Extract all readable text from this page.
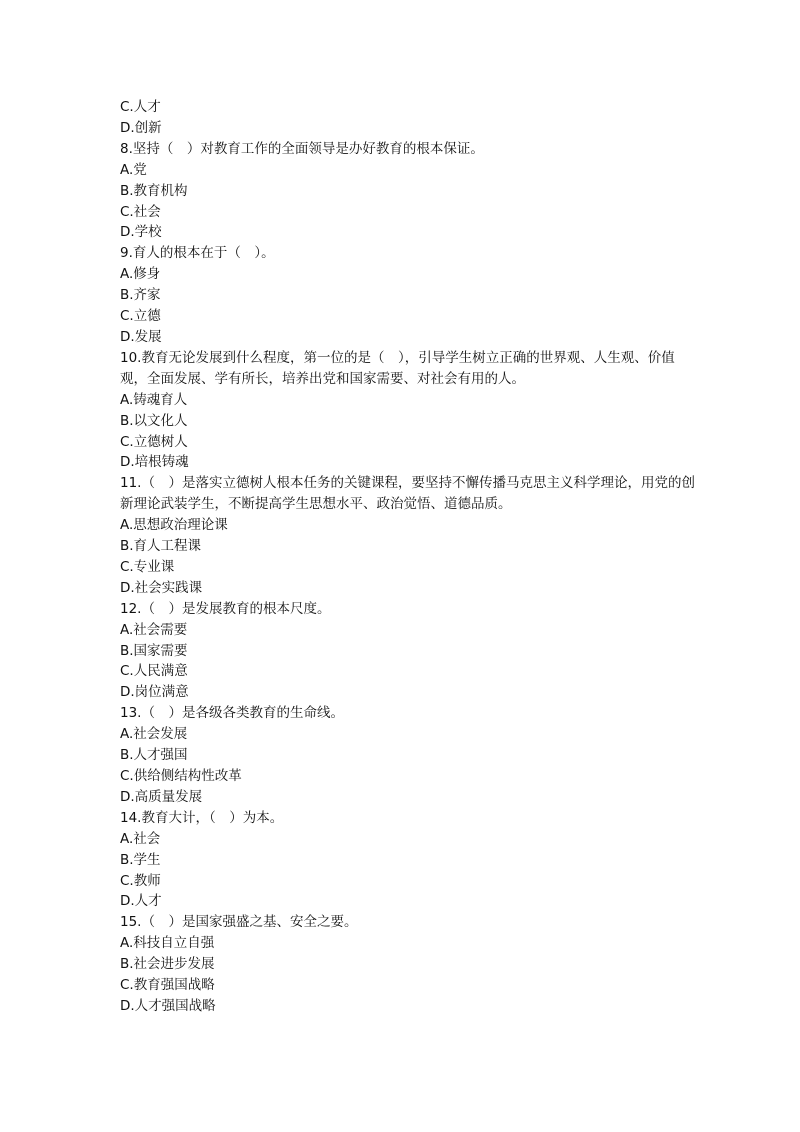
C.人才
D.创新
8.坚持（　）对教育工作的全面领导是办好教育的根本保证。
A.党
B.教育机构
C.社会
D.学校
9.育人的根本在于（　）。
A.修身
B.齐家
C.立德
D.发展
10.教育无论发展到什么程度，第一位的是（　），引导学生树立正确的世界观、人生观、价值观，全面发展、学有所长，培养出党和国家需要、对社会有用的人。
A.铸魂育人
B.以文化人
C.立德树人
D.培根铸魂
11.（　）是落实立德树人根本任务的关键课程，要坚持不懈传播马克思主义科学理论，用党的创新理论武装学生，不断提高学生思想水平、政治觉悟、道德品质。
A.思想政治理论课
B.育人工程课
C.专业课
D.社会实践课
12.（　）是发展教育的根本尺度。
A.社会需要
B.国家需要
C.人民满意
D.岗位满意
13.（　）是各级各类教育的生命线。
A.社会发展
B.人才强国
C.供给侧结构性改革
D.高质量发展
14.教育大计，（　）为本。
A.社会
B.学生
C.教师
D.人才
15.（　）是国家强盛之基、安全之要。
A.科技自立自强
B.社会进步发展
C.教育强国战略
D.人才强国战略
